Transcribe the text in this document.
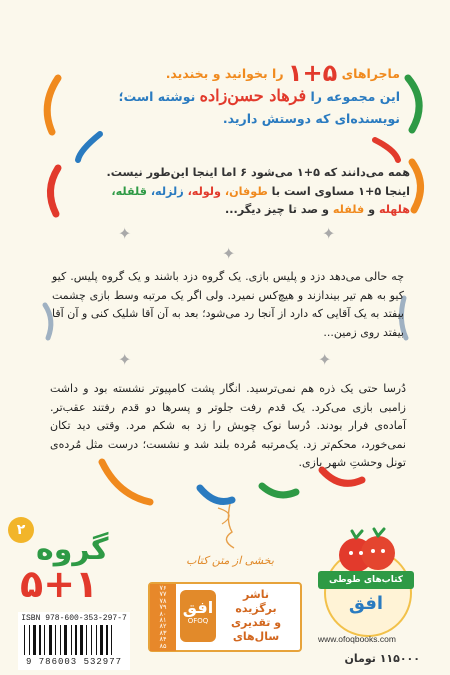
✦	✦
✦
✦	✦
ماجراهای ۵+۱ را بخوانید و بخندید.
این مجموعه را فرهاد حسن‌زاده نوشته است؛
نویسنده‌ای که دوستش دارید.
همه می‌دانند که ۵+۱ می‌شود ۶ اما اینجا این‌طور نیست.
اینجا ۵+۱ مساوی است با طوفان، ولوله، زلزله، قلقله،
هلهله و فلفله و صد تا چیز دیگر...
چه حالی می‌دهد دزد و پلیس بازی. یک گروه دزد باشند و یک گروه پلیس. کیو کیو به هم تیر بیندازند و هیچ‌کس نمیرد. ولی اگر یک مرتبه وسط بازی چشمت بیفتد به یک آقایی که دارد از آنجا رد می‌شود؛ بعد به آن آقا شلیک کنی و آن آقا بیفتد روی زمین...
دُرسا حتی یک ذره هم نمی‌ترسید. انگار پشت کامپیوتر نشسته بود و داشت زامبی بازی می‌کرد. یک قدم رفت جلوتر و پسرها دو قدم رفتند عقب‌تر. آماده‌ی فرار بودند. دُرسا نوک چوبش را زد به شکم مرد. وقتی دید تکان نمی‌خورد، محکم‌تر زد. یک‌مرتبه مُرده بلند شد و نشست؛ درست مثل مُرده‌ی تونل وحشتِ شهر بازی.
بخشی از متن کتاب
۲
گروه
۵+۱
ISBN 978-600-353-297-7
9 786003 532977
۷۶
۷۷
۷۸
۷۹
۸۰
۸۱
۸۲
۸۳
۸۴
۸۵
افق
OFOQ
ناشر
برگزیده
و تقدیری
سال‌های
کتاب‌های طوطی
افق
www.ofoqbooks.com
۱۱۵۰۰۰ تومان
